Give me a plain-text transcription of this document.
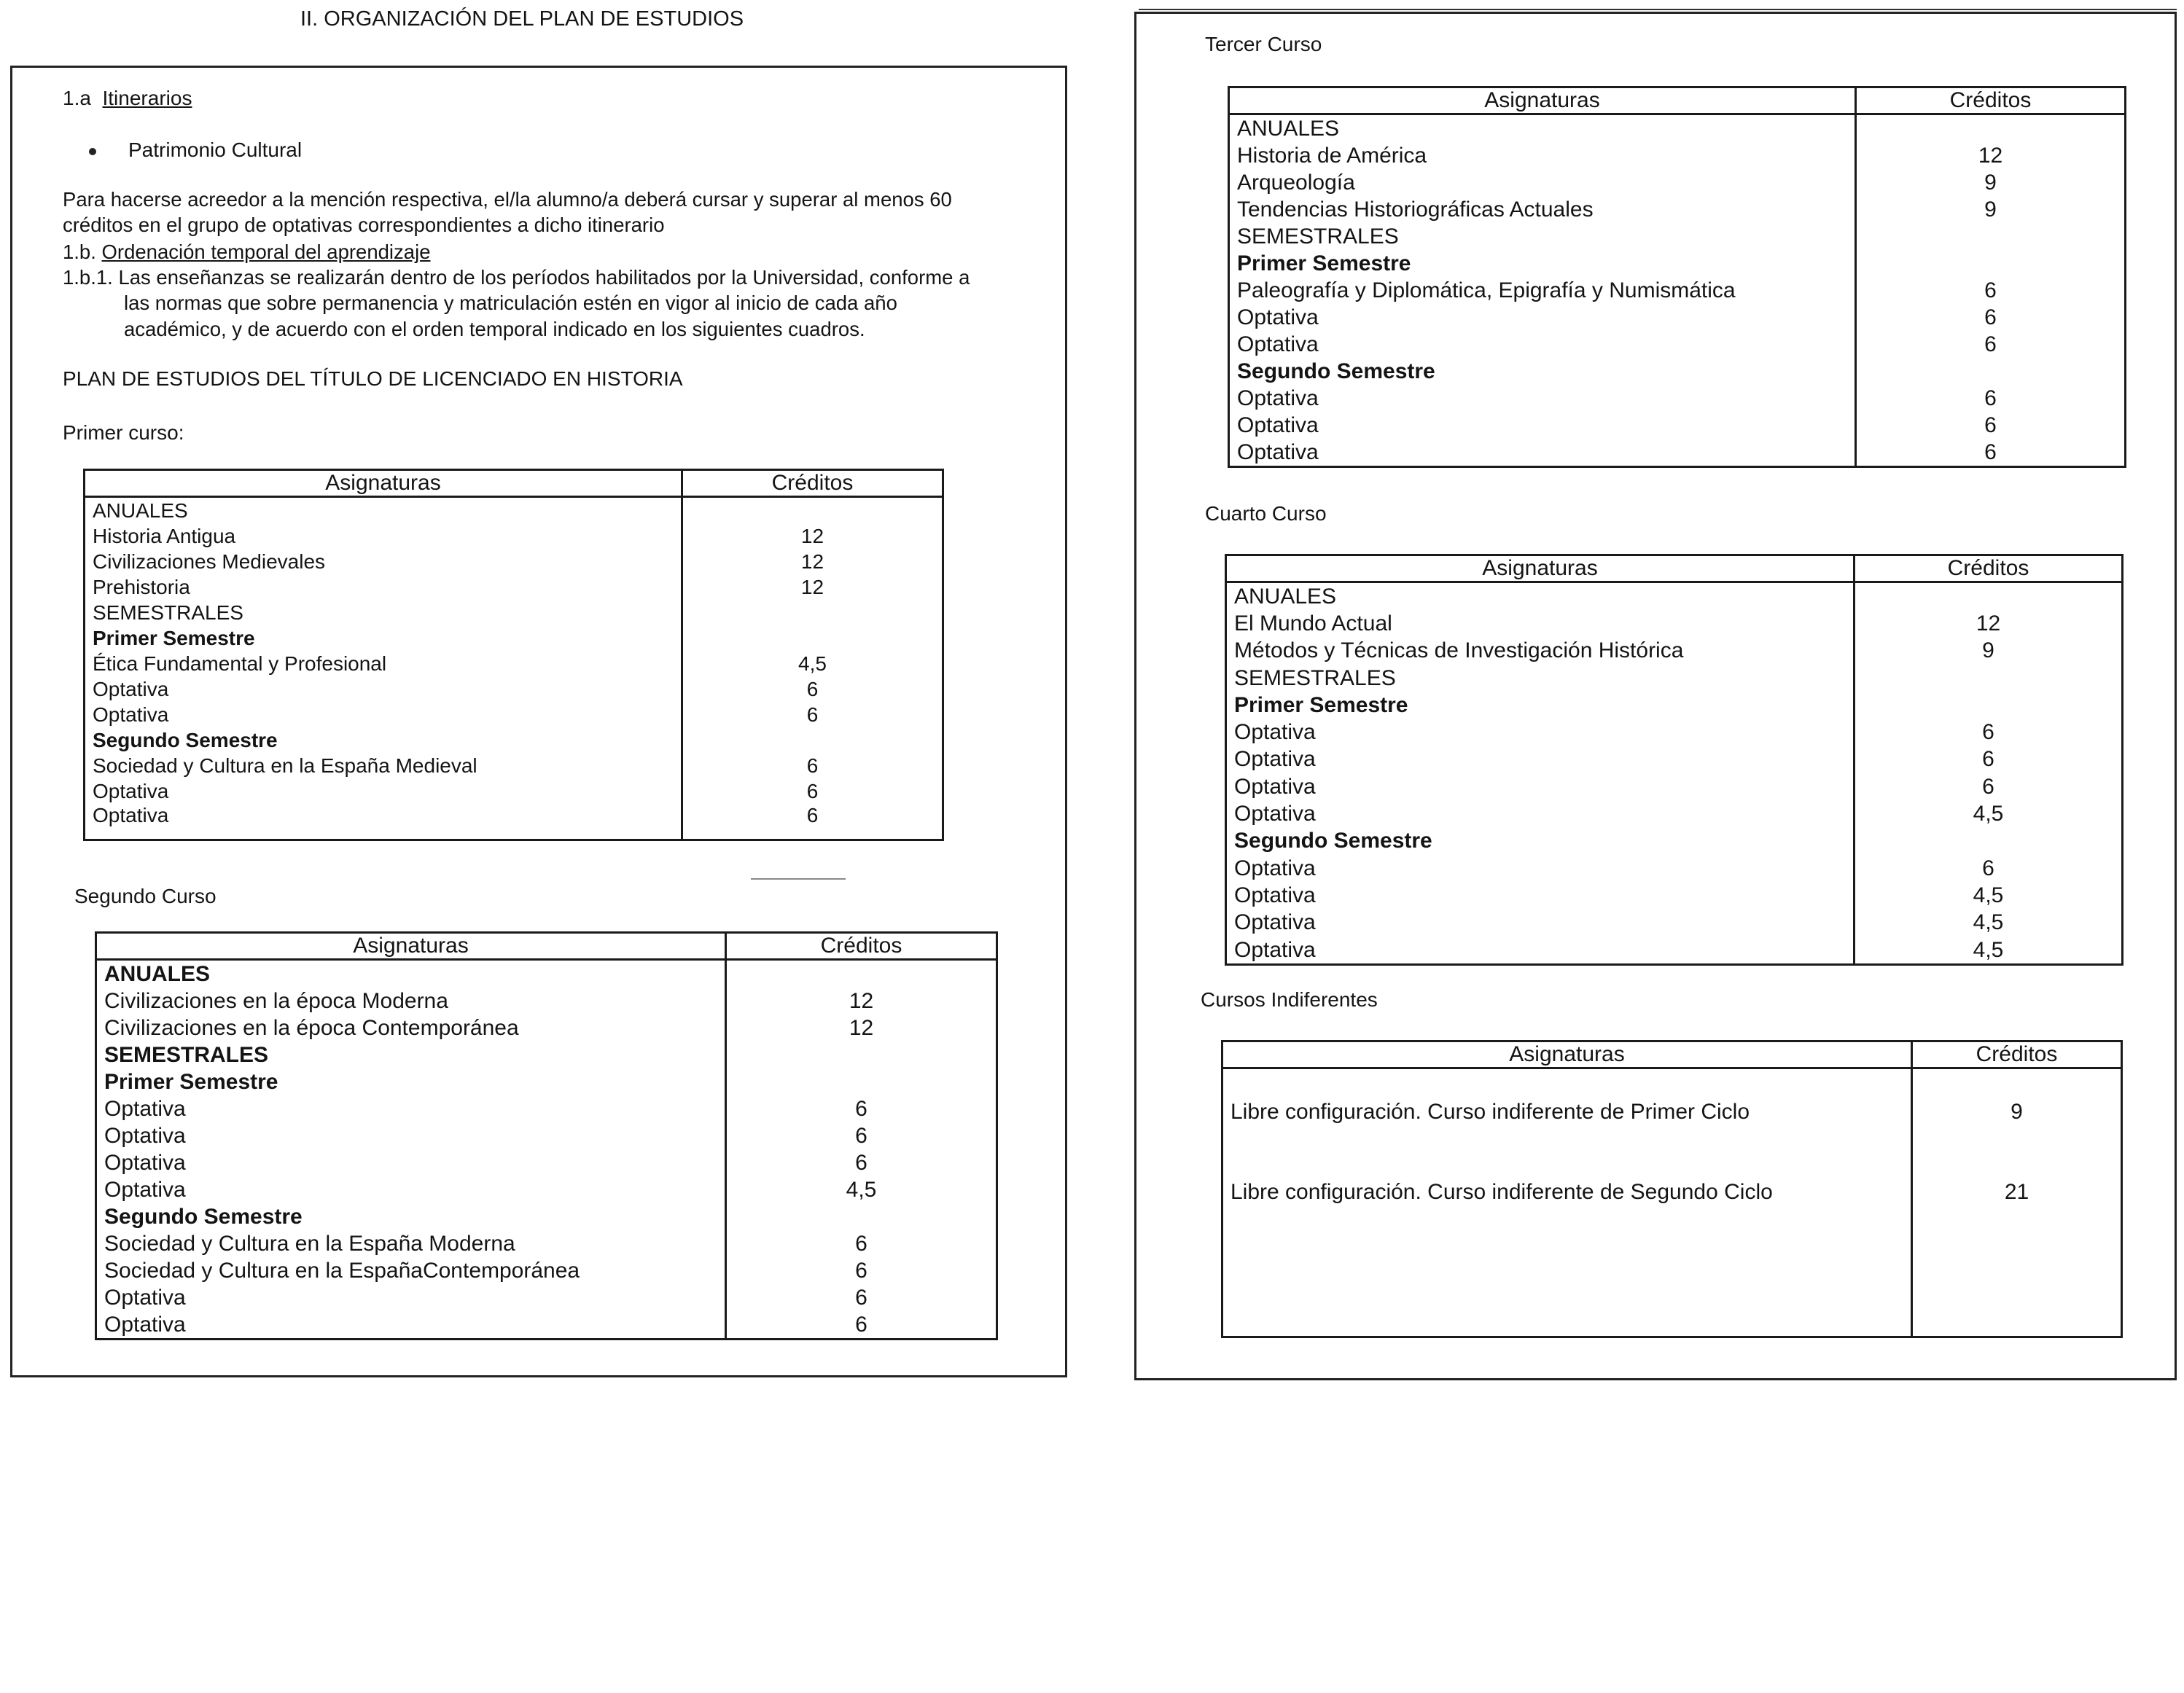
II. ORGANIZACIÓN DEL PLAN DE ESTUDIOS
1.a Itinerarios
Patrimonio Cultural
Para hacerse acreedor a la mención respectiva, el/la alumno/a deberá cursar y superar al menos 60
créditos en el grupo de optativas correspondientes a dicho itinerario
1.b. Ordenación temporal del aprendizaje
1.b.1. Las enseñanzas se realizarán dentro de los períodos habilitados por la Universidad, conforme a
las normas que sobre permanencia y matriculación estén en vigor al inicio de cada año
académico, y de acuerdo con el orden temporal indicado en los siguientes cuadros.
PLAN DE ESTUDIOS DEL TÍTULO DE LICENCIADO EN HISTORIA
Primer curso:
Asignaturas	Créditos
ANUALES	
Historia Antigua	12
Civilizaciones Medievales	12
Prehistoria	12
SEMESTRALES	
Primer Semestre	
Ética Fundamental y Profesional	4,5
Optativa	6
Optativa	6
Segundo Semestre	
Sociedad y Cultura en la España Medieval	6
Optativa	6
Optativa	6
Segundo Curso
Asignaturas	Créditos
ANUALES	
Civilizaciones en la época Moderna	12
Civilizaciones en la época Contemporánea	12
SEMESTRALES	
Primer Semestre	
Optativa	6
Optativa	6
Optativa	6
Optativa	4,5
Segundo Semestre	
Sociedad y Cultura en la España Moderna	6
Sociedad y Cultura en la EspañaContemporánea	6
Optativa	6
Optativa	6
Tercer Curso
Asignaturas	Créditos
ANUALES	
Historia de América	12
Arqueología	9
Tendencias Historiográficas Actuales	9
SEMESTRALES	
Primer Semestre	
Paleografía y Diplomática, Epigrafía y Numismática	6
Optativa	6
Optativa	6
Segundo Semestre	
Optativa	6
Optativa	6
Optativa	6
Cuarto Curso
Asignaturas	Créditos
ANUALES	
El Mundo Actual	12
Métodos y Técnicas de Investigación Histórica	9
SEMESTRALES	
Primer Semestre	
Optativa	6
Optativa	6
Optativa	6
Optativa	4,5
Segundo Semestre	
Optativa	6
Optativa	4,5
Optativa	4,5
Optativa	4,5
Cursos Indiferentes
Asignaturas	Créditos
Libre configuración. Curso indiferente de Primer Ciclo	9
Libre configuración. Curso indiferente de Segundo Ciclo	21
